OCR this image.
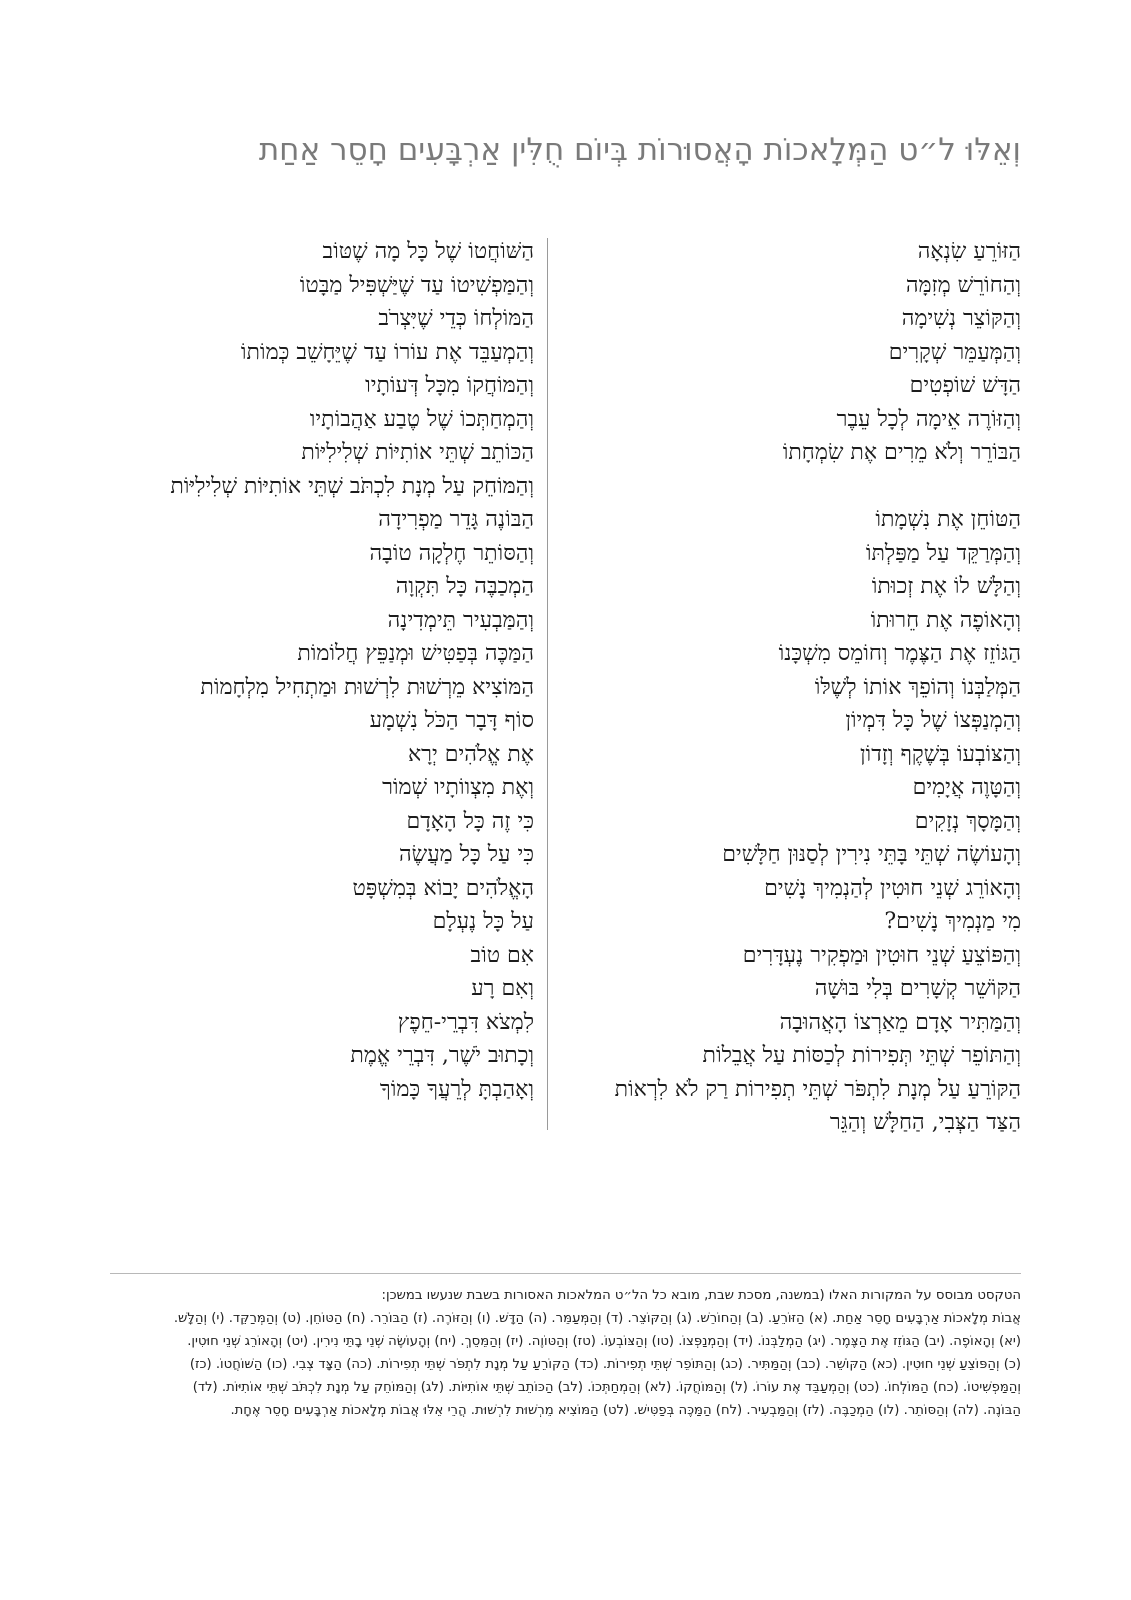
וְאֵלּוּ ל״ט הַמְּלָאכוֹת הָאֲסוּרוֹת בְּיוֹם חֻלִּין אַרְבָּעִים חָסֵר אַחַת
הַזּוֹרֵעַ שִׂנְאָה
וְהַחוֹרֵשׁ מְזִמָּה
וְהַקּוֹצֵר נְשִׁימָה
וְהַמְּעַמֵּר שְׁקָרִים
הַדָּשׁ שׁוֹפְטִים
וְהַזּוֹרֶה אֵימָה לְכָל עֵבֶר
הַבּוֹרֵר וְלֹא מֵרִים אֶת שִׂמְחָתוֹ
הַטּוֹחֵן אֶת נִשְׁמָתוֹ
וְהַמְּרַקֵּד עַל מַפַּלְתּוֹ
וְהַלָּשׁ לוֹ אֶת זְכוּתוֹ
וְהָאוֹפֶה אֶת חֵרוּתוֹ
הַגּוֹזֵז אֶת הַצֶּמֶר וְחוֹמֵס מִשְׁכָּנוֹ
הַמְּלַבְּנוֹ וְהוֹפֵךְ אוֹתוֹ לְשֶׁלּוֹ
וְהַמְנַפְּצוֹ שֶׁל כָּל דִּמְיוֹן
וְהַצּוֹבְעוֹ בְּשֶׁקֶף וְזָדוֹן
וְהַטָּוֶה אֲיָמִים
וְהַמָּסָךְ נְזָקִים
וְהָעוֹשֶׂה שְׁתֵּי בָּתֵּי נִירִין לְסַנּוּן חַלָּשִׁים
וְהָאוֹרֵג שְׁנֵי חוּטִין לְהַנְמִיךְ נָשִׁים
מִי מַנְמִיךְ נָשִׁים?
וְהַפּוֹצֵעַ שְׁנֵי חוּטִין וּמַפְקִיר נֶעְדָּרִים
הַקּוֹשֵׁר קְשָׁרִים בְּלִי בּוּשָׁה
וְהַמַּתִּיר אָדָם מֵאַרְצוֹ הָאֲהוּבָה
וְהַתּוֹפֵר שְׁתֵּי תְּפִירוֹת לְכַסּוֹת עַל אֲבֵלוֹת
הַקּוֹרֵעַ עַל מְנָת לִתְפֹּר שְׁתֵּי תְפִירוֹת רַק לֹא לִרְאוֹת
הַצַּד הַצְּבִי, הַחַלָּשׁ וְהַגֵּר
הַשּׁוֹחֲטוֹ שֶׁל כָּל מָה שֶׁטּוֹב
וְהַמַּפְשִׁיטוֹ עַד שֶׁיַּשְׁפִּיל מַבָּטוֹ
הַמּוֹלְחוֹ כְּדֵי שֶׁיִּצְרֹב
וְהַמְעַבֵּד אֶת עוֹרוֹ עַד שֶׁיֵּחָשֵׁב כְּמוֹתוֹ
וְהַמּוֹחֲקוֹ מִכָּל דְּעוֹתָיו
וְהַמְחַתְּכוֹ שֶׁל טֶבַע אַהֲבוֹתָיו
הַכּוֹתֵב שְׁתֵּי אוֹתִיּוֹת שְׁלִילִיּוֹת
וְהַמּוֹחֵק עַל מְנָת לִכְתֹּב שְׁתֵּי אוֹתִיּוֹת שְׁלִילִיּוֹת
הַבּוֹנֶה גָּדֵר מַפְרִידָה
וְהַסּוֹתֵר חֶלְקָה טוֹבָה
הַמְכַבֶּה כָּל תִּקְוָה
וְהַמַּבְעִיר תֵּימְדִינָה
הַמַּכֶּה בְּפַטִּישׁ וּמְנַפֵּץ חֲלוֹמוֹת
הַמּוֹצִיא מֵרְשׁוּת לִרְשׁוּת וּמַתְחִיל מִלְחָמוֹת
סוֹף דָּבָר הַכֹּל נִשְׁמָע
אֶת אֱלֹהִים יְרָא
וְאֶת מִצְווֹתָיו שְׁמוֹר
כִּי זֶה כָּל הָאָדָם
כִּי עַל כָּל מַעֲשֶׂה
הָאֱלֹהִים יָבוֹא בְּמִשְׁפָּט
עַל כָּל נֶעְלָם
אִם טוֹב
וְאִם רָע
לִמְצֹא דִּבְרֵי-חֵפֶץ
וְכָתוּב יֹשֶׁר, דִּבְרֵי אֱמֶת
וְאָהַבְתָּ לְרֵעֲךָ כָּמוֹךָ

הטקסט מבוסס על המקורות האלו (במשנה, מסכת שבת, מובא כל הל״ט המלאכות האסורות בשבת שנעשו במשכן:

אֲבוֹת מְלָאכוֹת אַרְבָּעִים חָסֵר אַחַת. (א) הַזּוֹרֵעַ. (ב) וְהַחוֹרֵשׁ. (ג) וְהַקּוֹצֵר. (ד) וְהַמְּעַמֵּר. (ה) הַדָּשׁ. (ו) וְהַזּוֹרֶה. (ז) הַבּוֹרֵר. (ח) הַטּוֹחֵן. (ט) וְהַמְּרַקֵּד. (י) וְהַלָּשׁ.

(יא) וְהָאוֹפֶה. (יב) הַגּוֹזֵז אֶת הַצֶּמֶר. (יג) הַמְלַבְּנוֹ. (יד) וְהַמְנַפְּצוֹ. (טו) וְהַצּוֹבְעוֹ. (טז) וְהַטּוֹוֶה. (יז) וְהַמֵּסֵךְ. (יח) וְהָעוֹשֶׂה שְׁנֵי בָתֵּי נִירִין. (יט) וְהָאוֹרֵג שְׁנֵי חוּטִין.

(כ) וְהַפּוֹצֵעַ שְׁנֵי חוּטִין. (כא) הַקּוֹשֵׁר. (כב) וְהַמַּתִּיר. (כג) וְהַתּוֹפֵר שְׁתֵּי תְפִירוֹת. (כד) הַקּוֹרֵעַ עַל מְנָת לִתְפֹּר שְׁתֵּי תְפִירוֹת. (כה) הַצָּד צְבִי. (כו) הַשּׁוֹחֲטוֹ. (כז)

וְהַמַּפְשִׁיטוֹ. (כח) הַמּוֹלְחוֹ. (כט) וְהַמְעַבֵּד אֶת עוֹרוֹ. (ל) וְהַמּוֹחֲקוֹ. (לא) וְהַמְחַתְּכוֹ. (לב) הַכּוֹתֵב שְׁתֵּי אוֹתִיּוֹת. (לג) וְהַמּוֹחֵק עַל מְנָת לִכְתֹּב שְׁתֵּי אוֹתִיּוֹת. (לד)

הַבּוֹנֶה. (לה) וְהַסּוֹתֵר. (לו) הַמְכַבֶּה. (לז) וְהַמַּבְעִיר. (לח) הַמַּכֶּה בְּפַטִּישׁ. (לט) הַמּוֹצִיא מֵרְשׁוּת לִרְשׁוּת. הֲרֵי אֵלּוּ אֲבוֹת מְלָאכוֹת אַרְבָּעִים חָסֵר אֶחָת.
